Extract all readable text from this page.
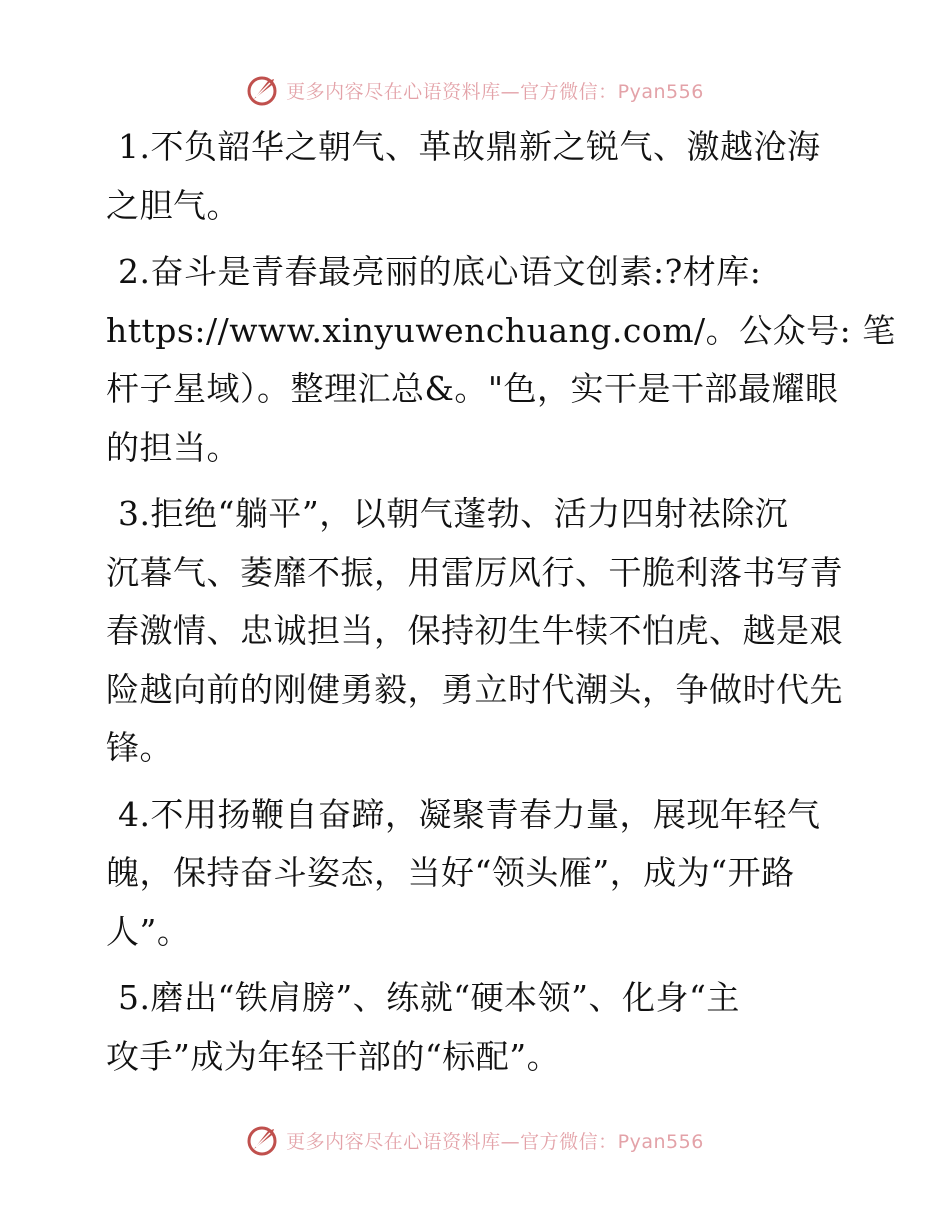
更多内容尽在心语资料库—官方微信：Pyan556
1.不负韶华之朝气、革故鼎新之锐气、激越沧海
之胆气。
2.奋斗是青春最亮丽的底心语文创素:?材库:
https://www.xinyuwenchuang.com/。公众号: 笔
杆子星域）。整理汇总&。"色，实干是干部最耀眼
的担当。
3.拒绝“躺平”，以朝气蓬勃、活力四射祛除沉
沉暮气、萎靡不振，用雷厉风行、干脆利落书写青
春激情、忠诚担当，保持初生牛犊不怕虎、越是艰
险越向前的刚健勇毅，勇立时代潮头，争做时代先
锋。
4.不用扬鞭自奋蹄，凝聚青春力量，展现年轻气
魄，保持奋斗姿态，当好“领头雁”，成为“开路
人”。
5.磨出“铁肩膀”、练就“硬本领”、化身“主
攻手”成为年轻干部的“标配”。
更多内容尽在心语资料库—官方微信：Pyan556
